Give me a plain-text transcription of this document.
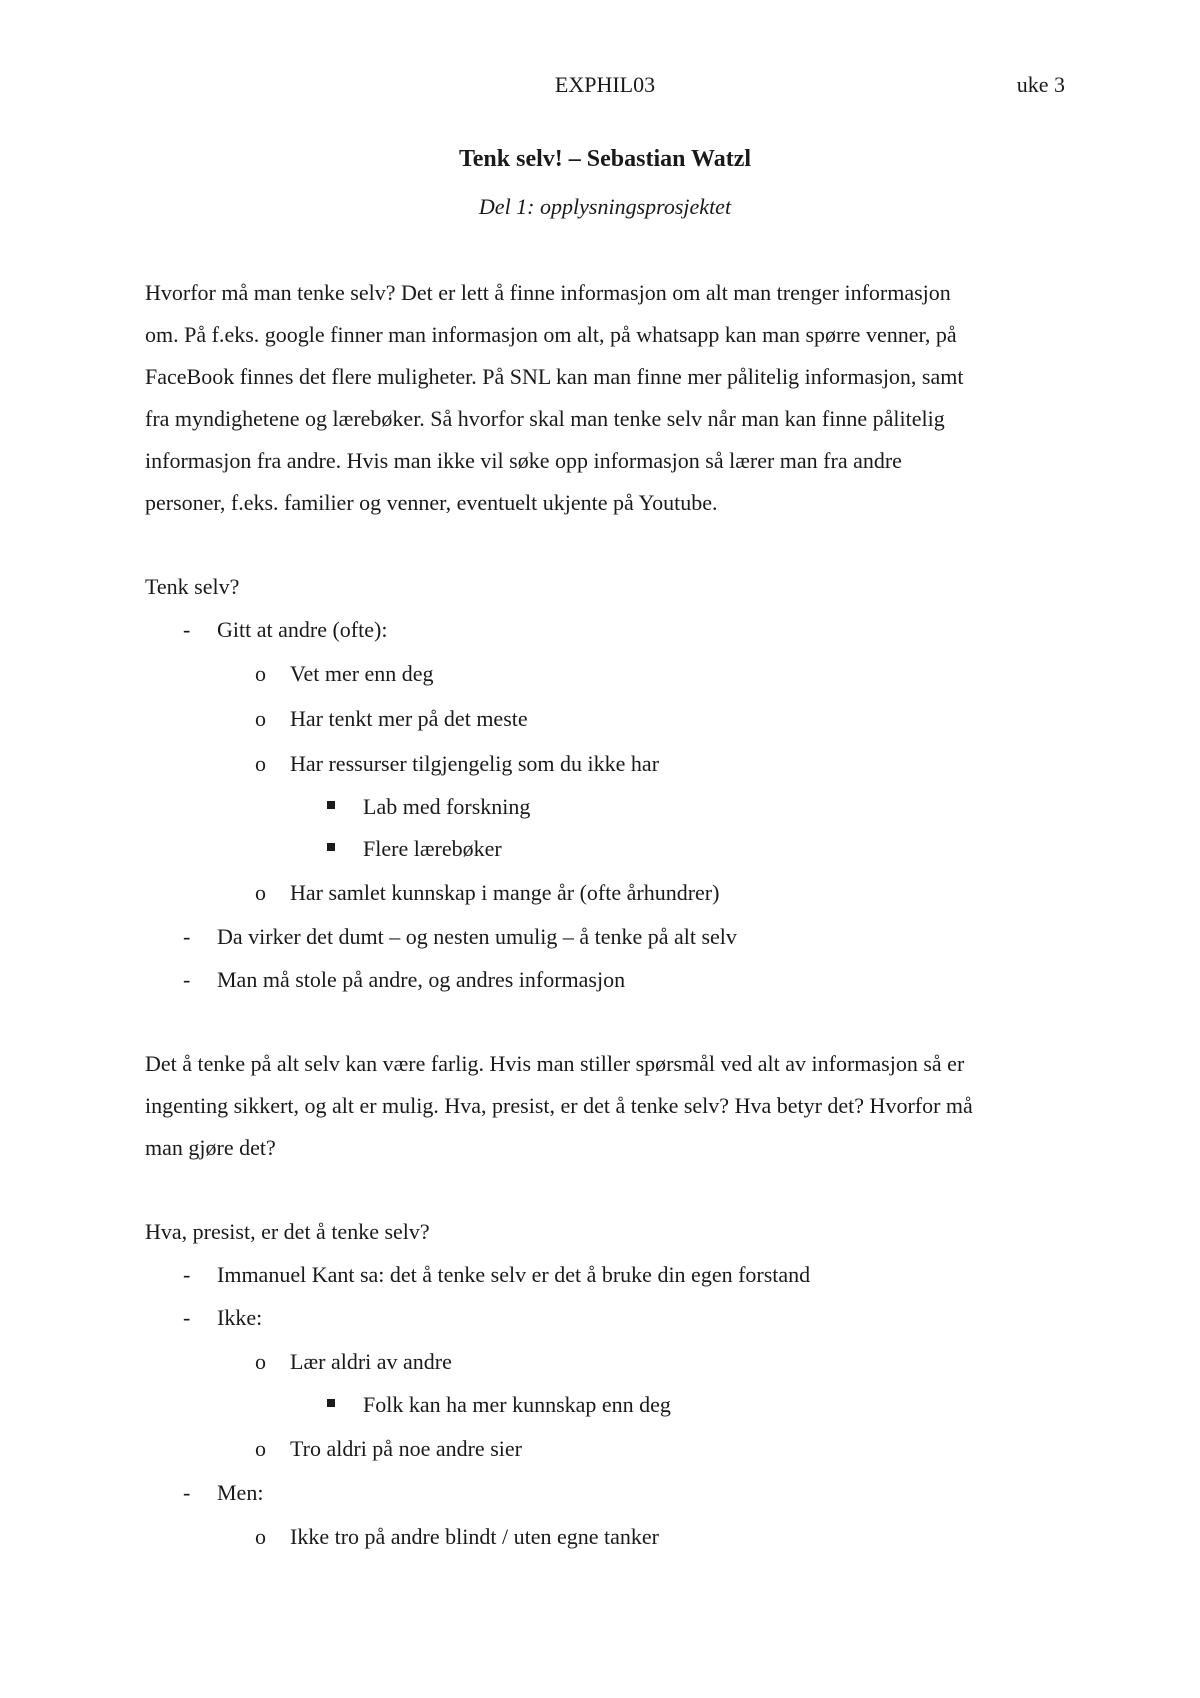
EXPHIL03	uke 3
Tenk selv! – Sebastian Watzl
Del 1: opplysningsprosjektet
Hvorfor må man tenke selv? Det er lett å finne informasjon om alt man trenger informasjon
om. På f.eks. google finner man informasjon om alt, på whatsapp kan man spørre venner, på
FaceBook finnes det flere muligheter. På SNL kan man finne mer pålitelig informasjon, samt
fra myndighetene og lærebøker. Så hvorfor skal man tenke selv når man kan finne pålitelig
informasjon fra andre. Hvis man ikke vil søke opp informasjon så lærer man fra andre
personer, f.eks. familier og venner, eventuelt ukjente på Youtube.
Tenk selv?
- Gitt at andre (ofte):
o Vet mer enn deg
o Har tenkt mer på det meste
o Har ressurser tilgjengelig som du ikke har
Lab med forskning
Flere lærebøker
o Har samlet kunnskap i mange år (ofte århundrer)
- Da virker det dumt – og nesten umulig – å tenke på alt selv
- Man må stole på andre, og andres informasjon
Det å tenke på alt selv kan være farlig. Hvis man stiller spørsmål ved alt av informasjon så er
ingenting sikkert, og alt er mulig. Hva, presist, er det å tenke selv? Hva betyr det? Hvorfor må
man gjøre det?
Hva, presist, er det å tenke selv?
- Immanuel Kant sa: det å tenke selv er det å bruke din egen forstand
- Ikke:
o Lær aldri av andre
Folk kan ha mer kunnskap enn deg
o Tro aldri på noe andre sier
- Men:
o Ikke tro på andre blindt / uten egne tanker
